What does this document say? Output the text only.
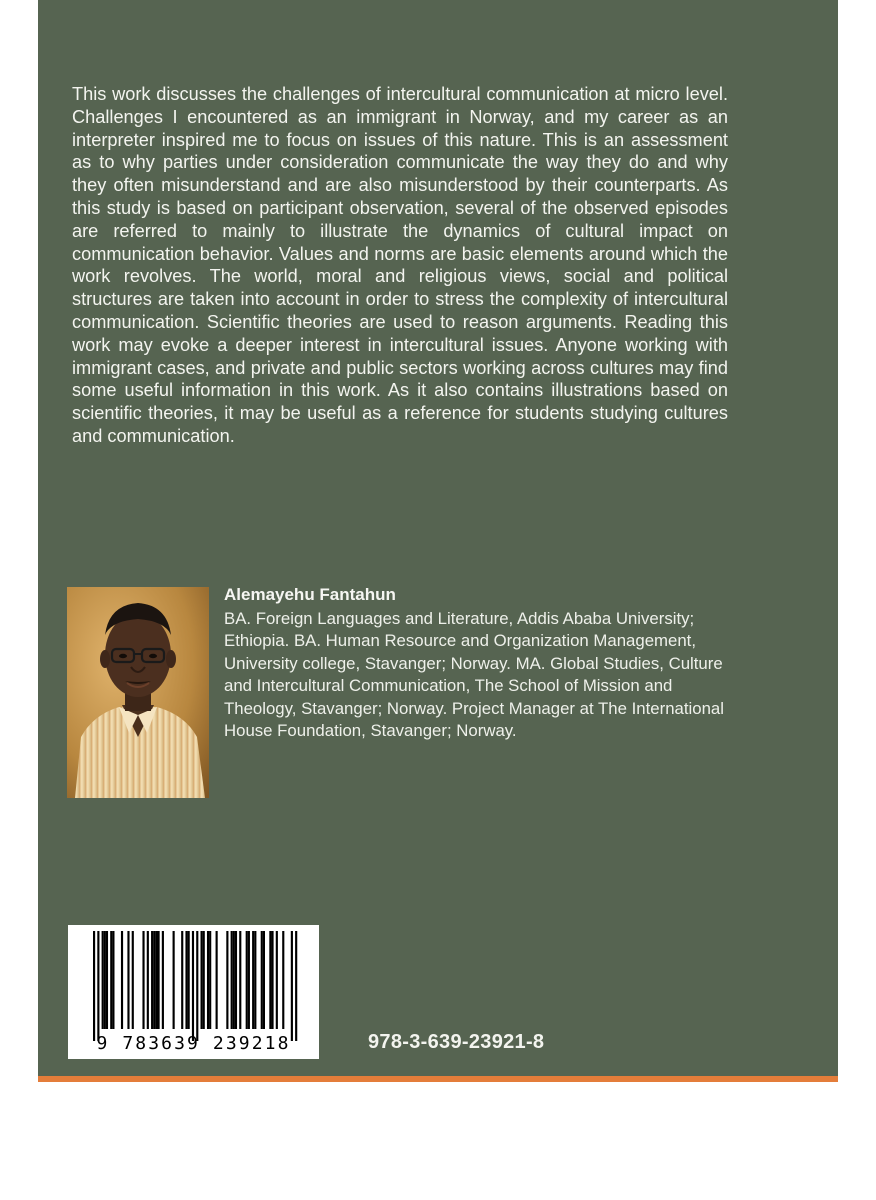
This work discusses the challenges of intercultural communication at micro level. Challenges I encountered as an immigrant in Norway, and my career as an interpreter inspired me to focus on issues of this nature. This is an assessment as to why parties under consideration communicate the way they do and why they often misunderstand and are also misunderstood by their counterparts. As this study is based on participant observation, several of the observed episodes are referred to mainly to illustrate the dynamics of cultural impact on communication behavior. Values and norms are basic elements around which the work revolves. The world, moral and religious views, social and political structures are taken into account in order to stress the complexity of intercultural communication. Scientific theories are used to reason arguments. Reading this work may evoke a deeper interest in intercultural issues. Anyone working with immigrant cases, and private and public sectors working across cultures may find some useful information in this work. As it also contains illustrations based on scientific theories, it may be useful as a reference for students studying cultures and communication.

Alemayehu Fantahun

BA. Foreign Languages and Literature, Addis Ababa University; Ethiopia. BA. Human Resource and Organization Management, University college, Stavanger; Norway. MA. Global Studies, Culture and Intercultural Communication, The School of Mission and Theology, Stavanger; Norway. Project Manager at The International House Foundation, Stavanger; Norway.

9 783639 239218	978-3-639-23921-8
